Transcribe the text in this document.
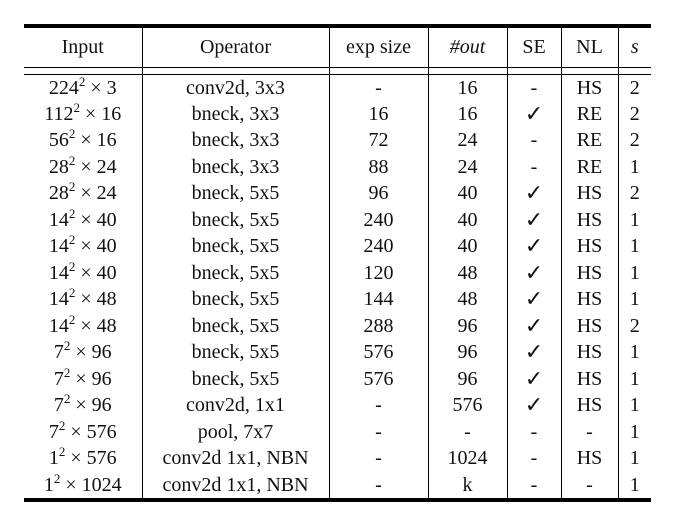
Input	Operator	exp size	#out	SE	NL	s

$224^2 \times 3$	conv2d, 3x3	-	16	-	HS	2
$112^2 \times 16$	bneck, 3x3	16	16	✓	RE	2
$56^2 \times 16$	bneck, 3x3	72	24	-	RE	2
$28^2 \times 24$	bneck, 3x3	88	24	-	RE	1
$28^2 \times 24$	bneck, 5x5	96	40	✓	HS	2
$14^2 \times 40$	bneck, 5x5	240	40	✓	HS	1
$14^2 \times 40$	bneck, 5x5	240	40	✓	HS	1
$14^2 \times 40$	bneck, 5x5	120	48	✓	HS	1
$14^2 \times 48$	bneck, 5x5	144	48	✓	HS	1
$14^2 \times 48$	bneck, 5x5	288	96	✓	HS	2
$7^2 \times 96$	bneck, 5x5	576	96	✓	HS	1
$7^2 \times 96$	bneck, 5x5	576	96	✓	HS	1
$7^2 \times 96$	conv2d, 1x1	-	576	✓	HS	1
$7^2 \times 576$	pool, 7x7	-	-	-	-	1
$1^2 \times 576$	conv2d 1x1, NBN	-	1024	-	HS	1
$1^2 \times 1024$	conv2d 1x1, NBN	-	k	-	-	1
